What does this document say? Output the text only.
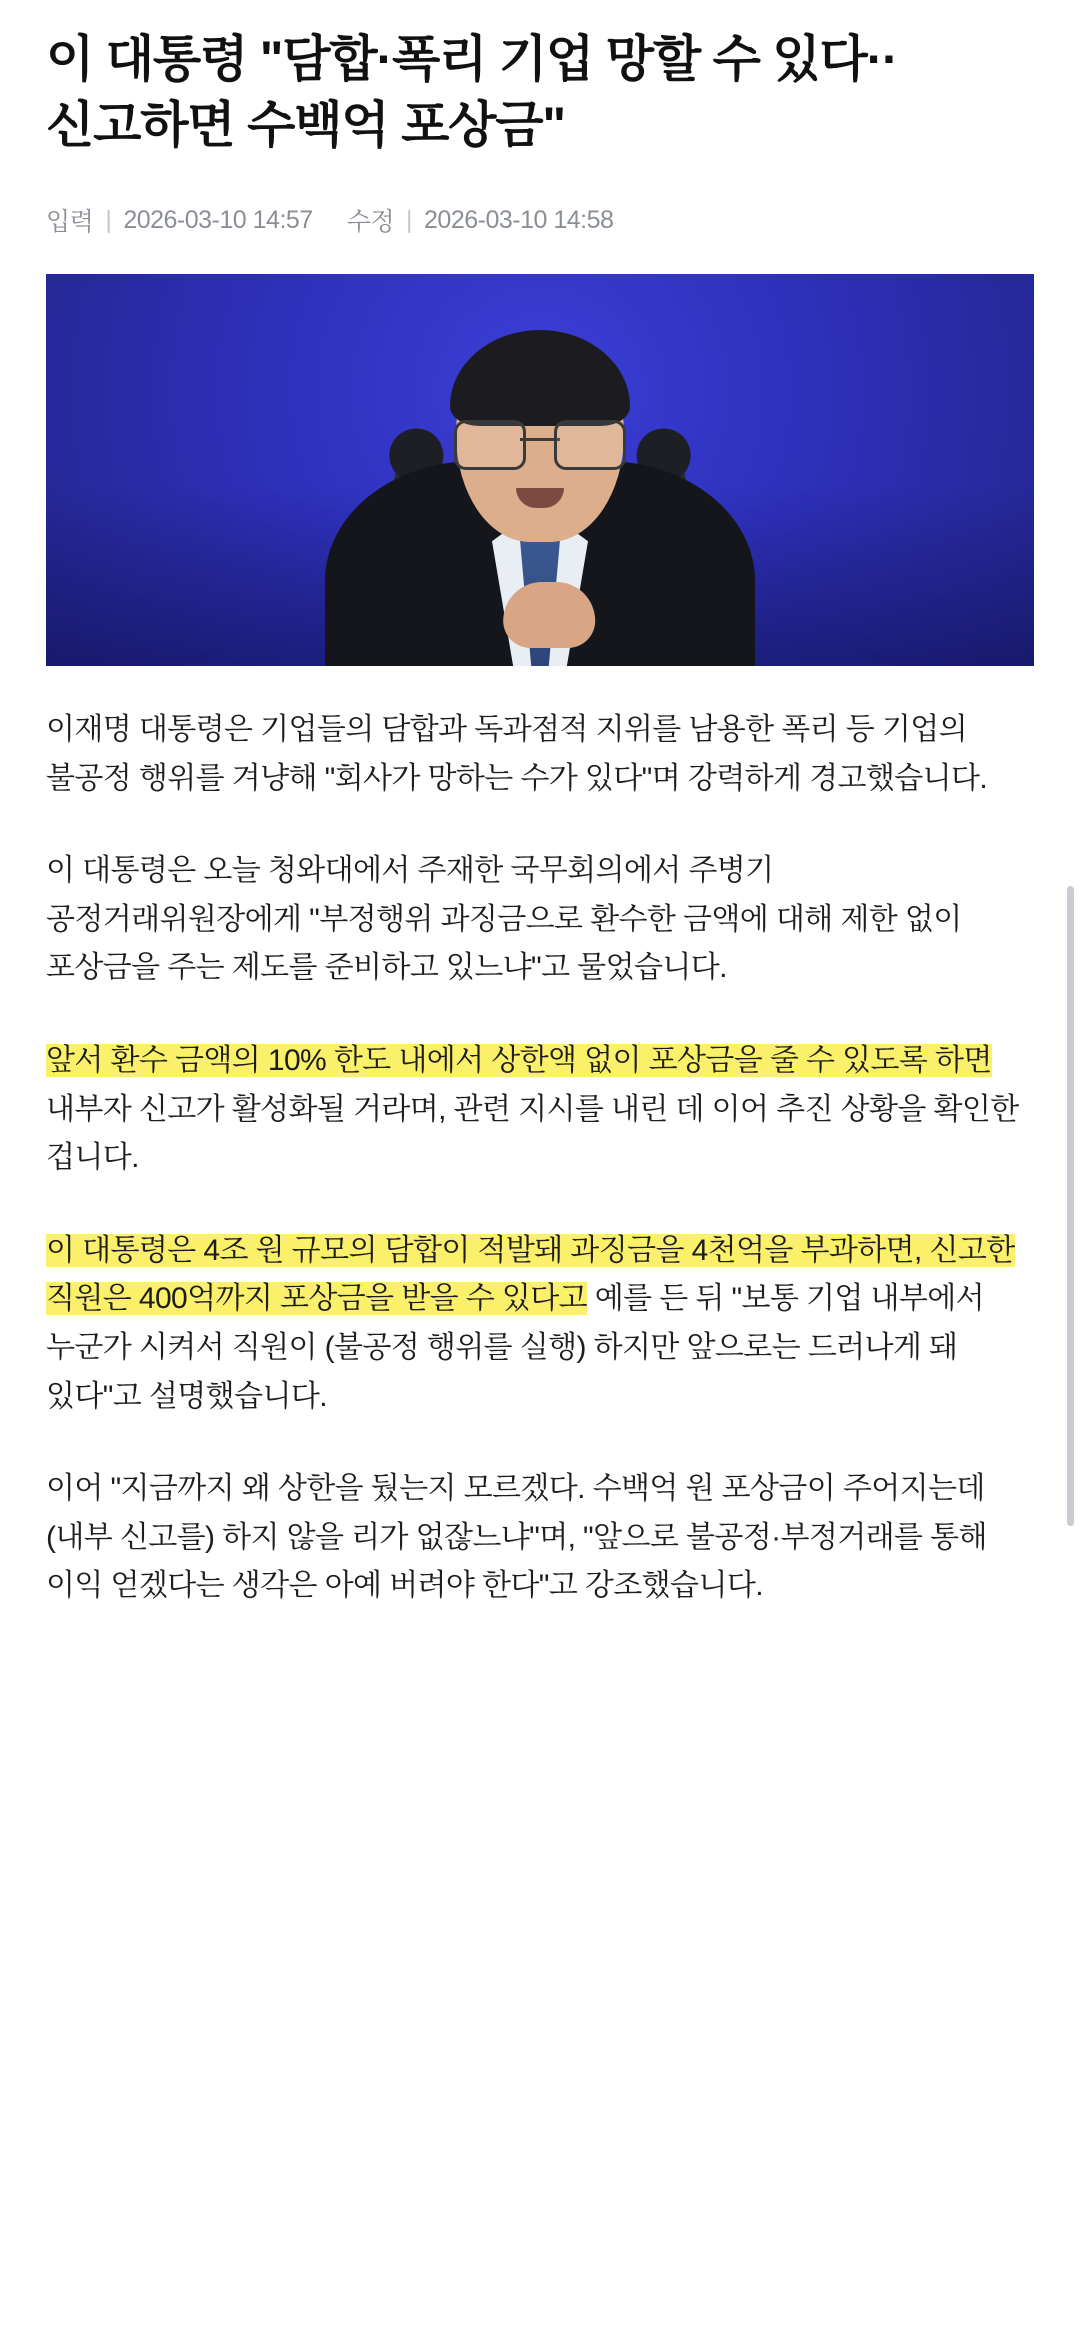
이 대통령 "담합·폭리 기업 망할 수 있다·· 신고하면 수백억 포상금"
입력 | 2026-03-10 14:57 수정 | 2026-03-10 14:58

이재명 대통령은 기업들의 담합과 독과점적 지위를 남용한 폭리 등 기업의 불공정 행위를 겨냥해 "회사가 망하는 수가 있다"며 강력하게 경고했습니다.

이 대통령은 오늘 청와대에서 주재한 국무회의에서 주병기 공정거래위원장에게 "부정행위 과징금으로 환수한 금액에 대해 제한 없이 포상금을 주는 제도를 준비하고 있느냐"고 물었습니다.

앞서 환수 금액의 10% 한도 내에서 상한액 없이 포상금을 줄 수 있도록 하면 내부자 신고가 활성화될 거라며, 관련 지시를 내린 데 이어 추진 상황을 확인한 겁니다.

이 대통령은 4조 원 규모의 담합이 적발돼 과징금을 4천억을 부과하면, 신고한 직원은 400억까지 포상금을 받을 수 있다고 예를 든 뒤 "보통 기업 내부에서 누군가 시켜서 직원이 (불공정 행위를 실행) 하지만 앞으로는 드러나게 돼 있다"고 설명했습니다.

이어 "지금까지 왜 상한을 뒀는지 모르겠다. 수백억 원 포상금이 주어지는데 (내부 신고를) 하지 않을 리가 없잖느냐"며, "앞으로 불공정·부정거래를 통해 이익 얻겠다는 생각은 아예 버려야 한다"고 강조했습니다.
